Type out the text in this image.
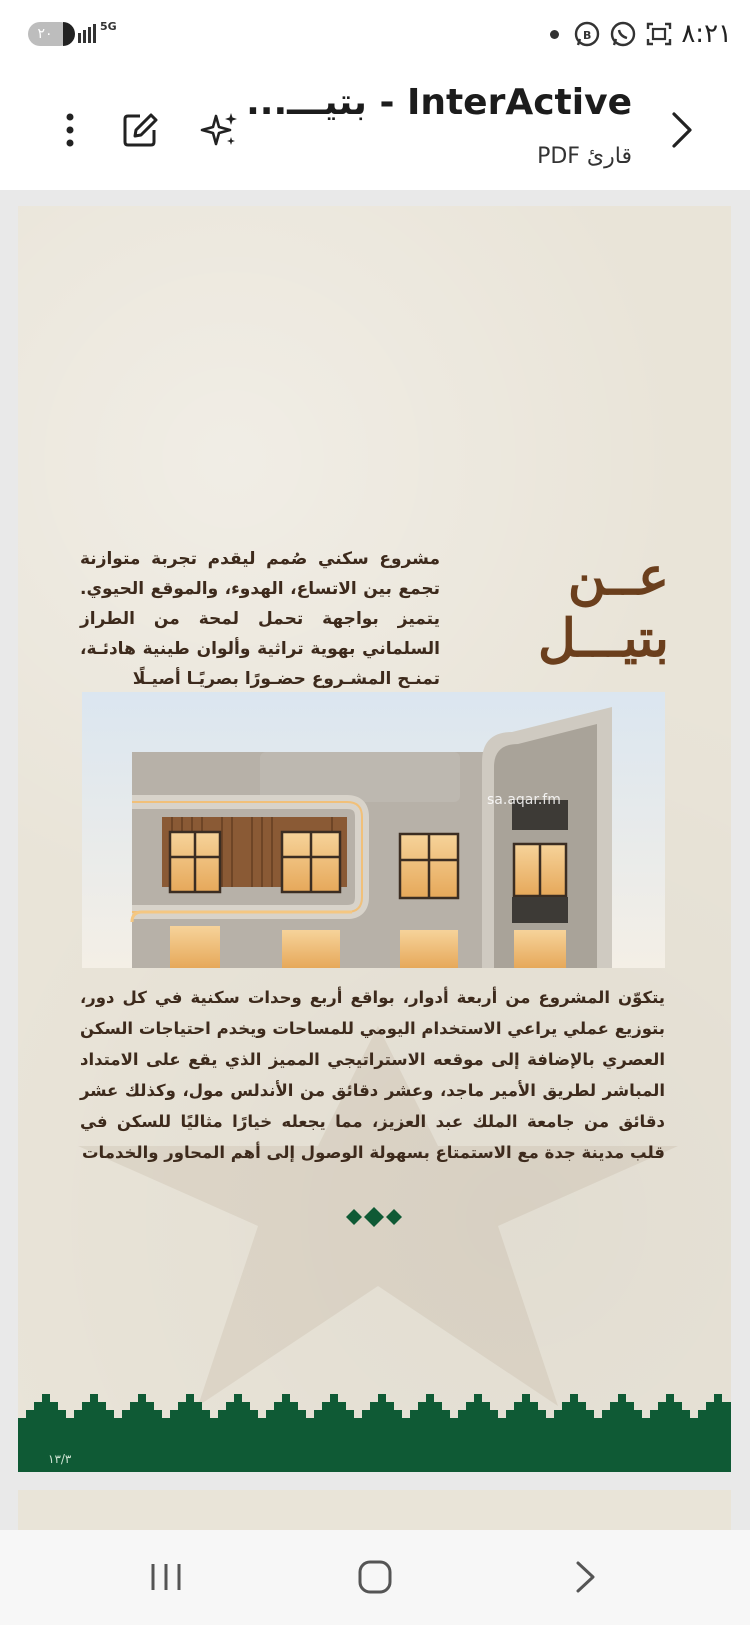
٢٠	5G
B	٨:٢١
InterActive - بتيـــ...
قارئ PDF
عــن
بتيـــل
مشروع سكني صُمم ليقدم تجربة متوازنة تجمع بين الاتساع، الهدوء، والموقع الحيوي. يتميز بواجهة تحمل لمحة من الطراز السلماني بهوية تراثية وألوان طينية هادئـة، تمنـح المشـروع حضـورًا بصريًـا أصيـلًا
sa.aqar.fm
يتكوّن المشروع من أربعة أدوار، بواقع أربع وحدات سكنية في كل دور، بتوزيع عملي يراعي الاستخدام اليومي للمساحات ويخدم احتياجات السكن العصري بالإضافة إلى موقعه الاستراتيجي المميز الذي يقع على الامتداد المباشر لطريق الأمير ماجد، وعشر دقائق من الأندلس مول، وكذلك عشر دقائق من جامعة الملك عبد العزيز، مما يجعله خيارًا مثاليًا للسكن في قلب مدينة جدة مع الاستمتاع بسهولة الوصول إلى أهم المحاور والخدمات
١٣/٣
